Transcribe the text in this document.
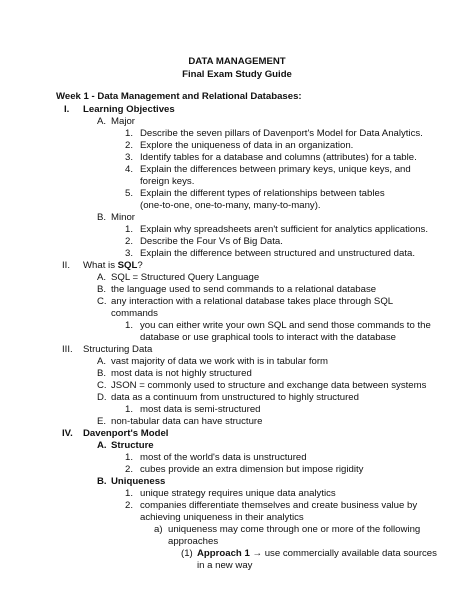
DATA MANAGEMENT
Final Exam Study Guide
Week 1 - Data Management and Relational Databases:
I. Learning Objectives
A. Major
1. Describe the seven pillars of Davenport's Model for Data Analytics.
2. Explore the uniqueness of data in an organization.
3. Identify tables for a database and columns (attributes) for a table.
4. Explain the differences between primary keys, unique keys, and
foreign keys.
5. Explain the different types of relationships between tables
(one-to-one, one-to-many, many-to-many).
B. Minor
1. Explain why spreadsheets aren't sufficient for analytics applications.
2. Describe the Four Vs of Big Data.
3. Explain the difference between structured and unstructured data.
II. What is SQL?
A. SQL = Structured Query Language
B. the language used to send commands to a relational database
C. any interaction with a relational database takes place through SQL
commands
1. you can either write your own SQL and send those commands to the
database or use graphical tools to interact with the database
III. Structuring Data
A. vast majority of data we work with is in tabular form
B. most data is not highly structured
C. JSON = commonly used to structure and exchange data between systems
D. data as a continuum from unstructured to highly structured
1. most data is semi-structured
E. non-tabular data can have structure
IV. Davenport's Model
A. Structure
1. most of the world's data is unstructured
2. cubes provide an extra dimension but impose rigidity
B. Uniqueness
1. unique strategy requires unique data analytics
2. companies differentiate themselves and create business value by
achieving uniqueness in their analytics
a) uniqueness may come through one or more of the following
approaches
(1) Approach 1 → use commercially available data sources
in a new way
